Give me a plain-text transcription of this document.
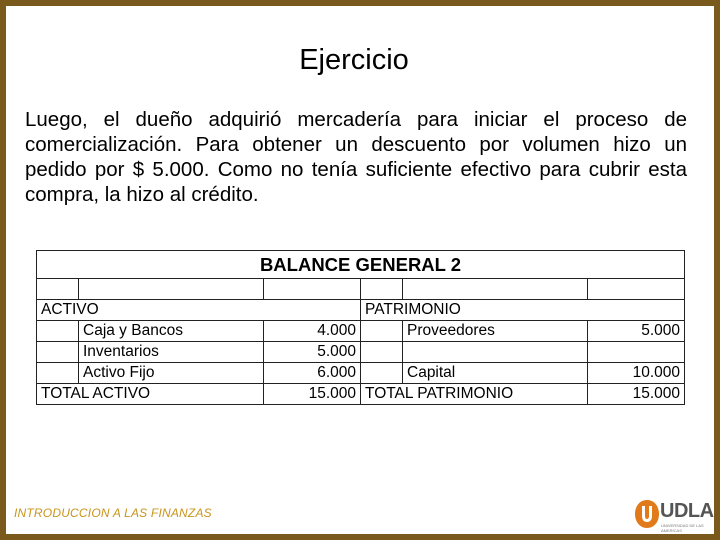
Ejercicio
Luego, el dueño adquirió mercadería para iniciar el proceso de comercialización. Para obtener un descuento por volumen hizo un pedido por $ 5.000. Como no tenía suficiente efectivo para cubrir esta compra, la hizo al crédito.
BALANCE GENERAL 2					

ACTIVO			PATRIMONIO		
	Caja y Bancos	4.000		Proveedores	5.000
	Inventarios	5.000			
	Activo Fijo	6.000		Capital	10.000
TOTAL ACTIVO		15.000	TOTAL PATRIMONIO		15.000
INTRODUCCION A LAS FINANZAS	UDLA
UNIVERSIDAD DE LAS AMERICAS
